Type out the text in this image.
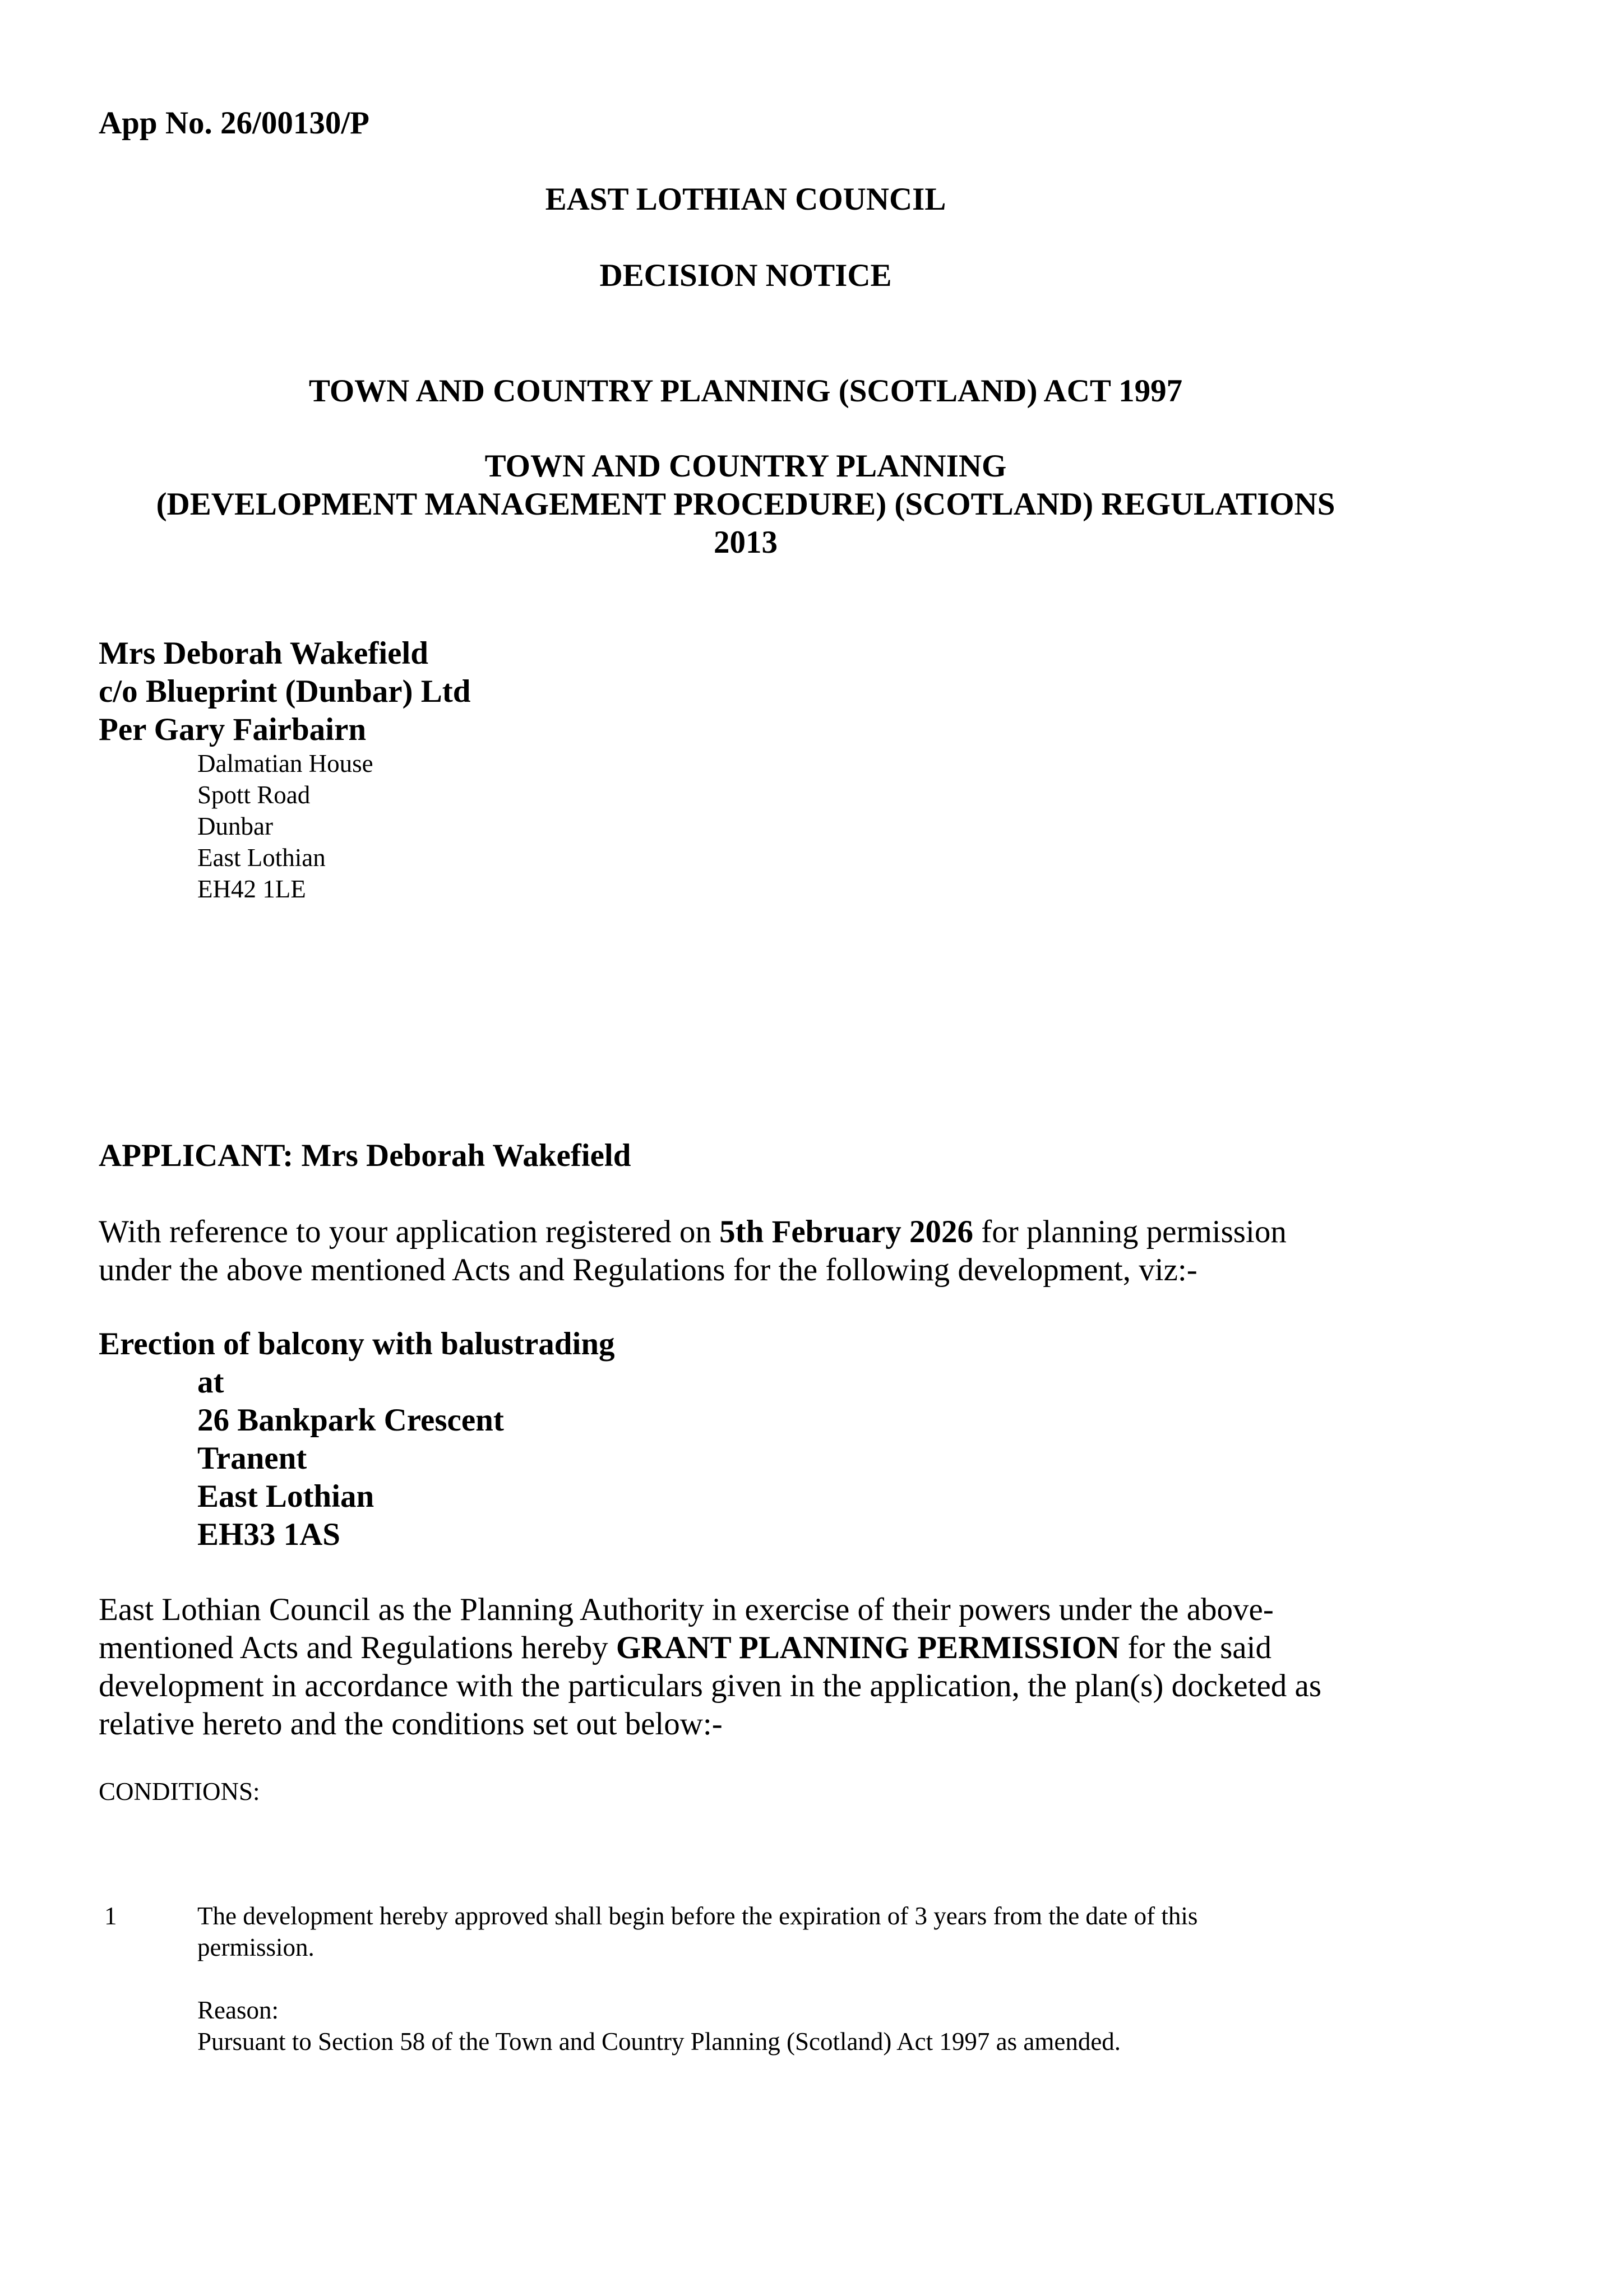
App No. 26/00130/P
EAST LOTHIAN COUNCIL
DECISION NOTICE
TOWN AND COUNTRY PLANNING (SCOTLAND) ACT 1997
TOWN AND COUNTRY PLANNING
(DEVELOPMENT MANAGEMENT PROCEDURE) (SCOTLAND) REGULATIONS
2013
Mrs Deborah Wakefield
c/o Blueprint (Dunbar) Ltd
Per Gary Fairbairn
Dalmatian House
Spott Road
Dunbar
East Lothian
EH42 1LE
APPLICANT: Mrs Deborah Wakefield
With reference to your application registered on 5th February 2026 for planning permission
under the above mentioned Acts and Regulations for the following development, viz:-
Erection of balcony with balustrading
at
26 Bankpark Crescent
Tranent
East Lothian
EH33 1AS
East Lothian Council as the Planning Authority in exercise of their powers under the above-
mentioned Acts and Regulations hereby GRANT PLANNING PERMISSION for the said
development in accordance with the particulars given in the application, the plan(s) docketed as
relative hereto and the conditions set out below:-
CONDITIONS:
1	The development hereby approved shall begin before the expiration of 3 years from the date of this
permission.
Reason:
Pursuant to Section 58 of the Town and Country Planning (Scotland) Act 1997 as amended.
